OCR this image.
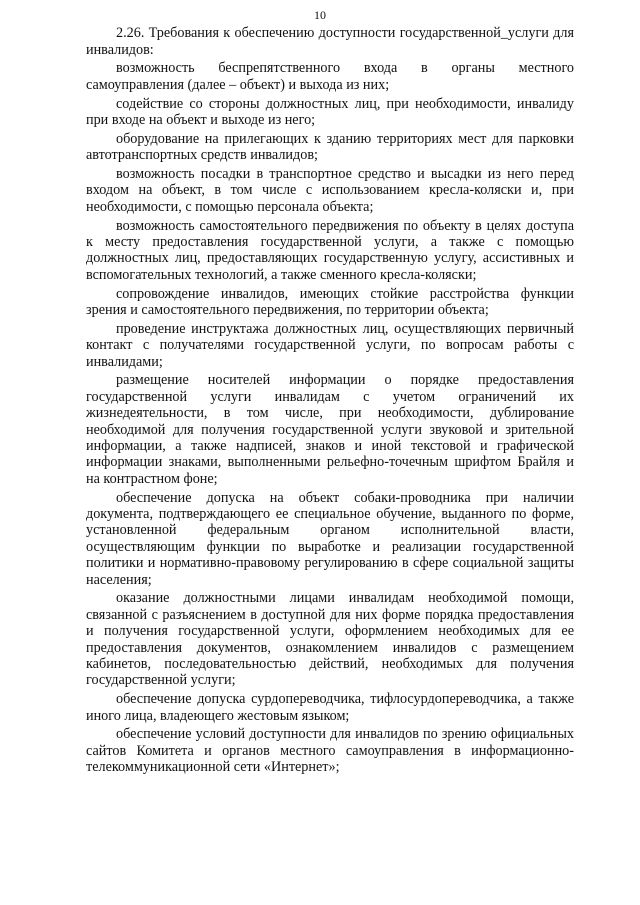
10

2.26. Требования к обеспечению доступности государственной_услуги для инвалидов:

возможность беспрепятственного входа в органы местного самоуправления (далее – объект) и выхода из них;

содействие со стороны должностных лиц, при необходимости, инвалиду при входе на объект и выходе из него;

оборудование на прилегающих к зданию территориях мест для парковки автотранспортных средств инвалидов;

возможность посадки в транспортное средство и высадки из него перед входом на объект, в том числе с использованием кресла-коляски и, при необходимости, с помощью персонала объекта;

возможность самостоятельного передвижения по объекту в целях доступа к месту предоставления государственной услуги, а также с помощью должностных лиц, предоставляющих государственную услугу, ассистивных и вспомогательных технологий, а также сменного кресла-коляски;

сопровождение инвалидов, имеющих стойкие расстройства функции зрения и самостоятельного передвижения, по территории объекта;

проведение инструктажа должностных лиц, осуществляющих первичный контакт с получателями государственной услуги, по вопросам работы с инвалидами;

размещение носителей информации о порядке предоставления государственной услуги инвалидам с учетом ограничений их жизнедеятельности, в том числе, при необходимости, дублирование необходимой для получения государственной услуги звуковой и зрительной информации, а также надписей, знаков и иной текстовой и графической информации знаками, выполненными рельефно-точечным шрифтом Брайля и на контрастном фоне;

обеспечение допуска на объект собаки-проводника при наличии документа, подтверждающего ее специальное обучение, выданного по форме, установленной федеральным органом исполнительной власти, осуществляющим функции по выработке и реализации государственной политики и нормативно-правовому регулированию в сфере социальной защиты населения;

оказание должностными лицами инвалидам необходимой помощи, связанной с разъяснением в доступной для них форме порядка предоставления и получения государственной услуги, оформлением необходимых для ее предоставления документов, ознакомлением инвалидов с размещением кабинетов, последовательностью действий, необходимых для получения государственной услуги;

обеспечение допуска сурдопереводчика, тифлосурдопереводчика, а также иного лица, владеющего жестовым языком;

обеспечение условий доступности для инвалидов по зрению официальных сайтов Комитета и органов местного самоуправления в информационно-телекоммуникационной сети «Интернет»;
